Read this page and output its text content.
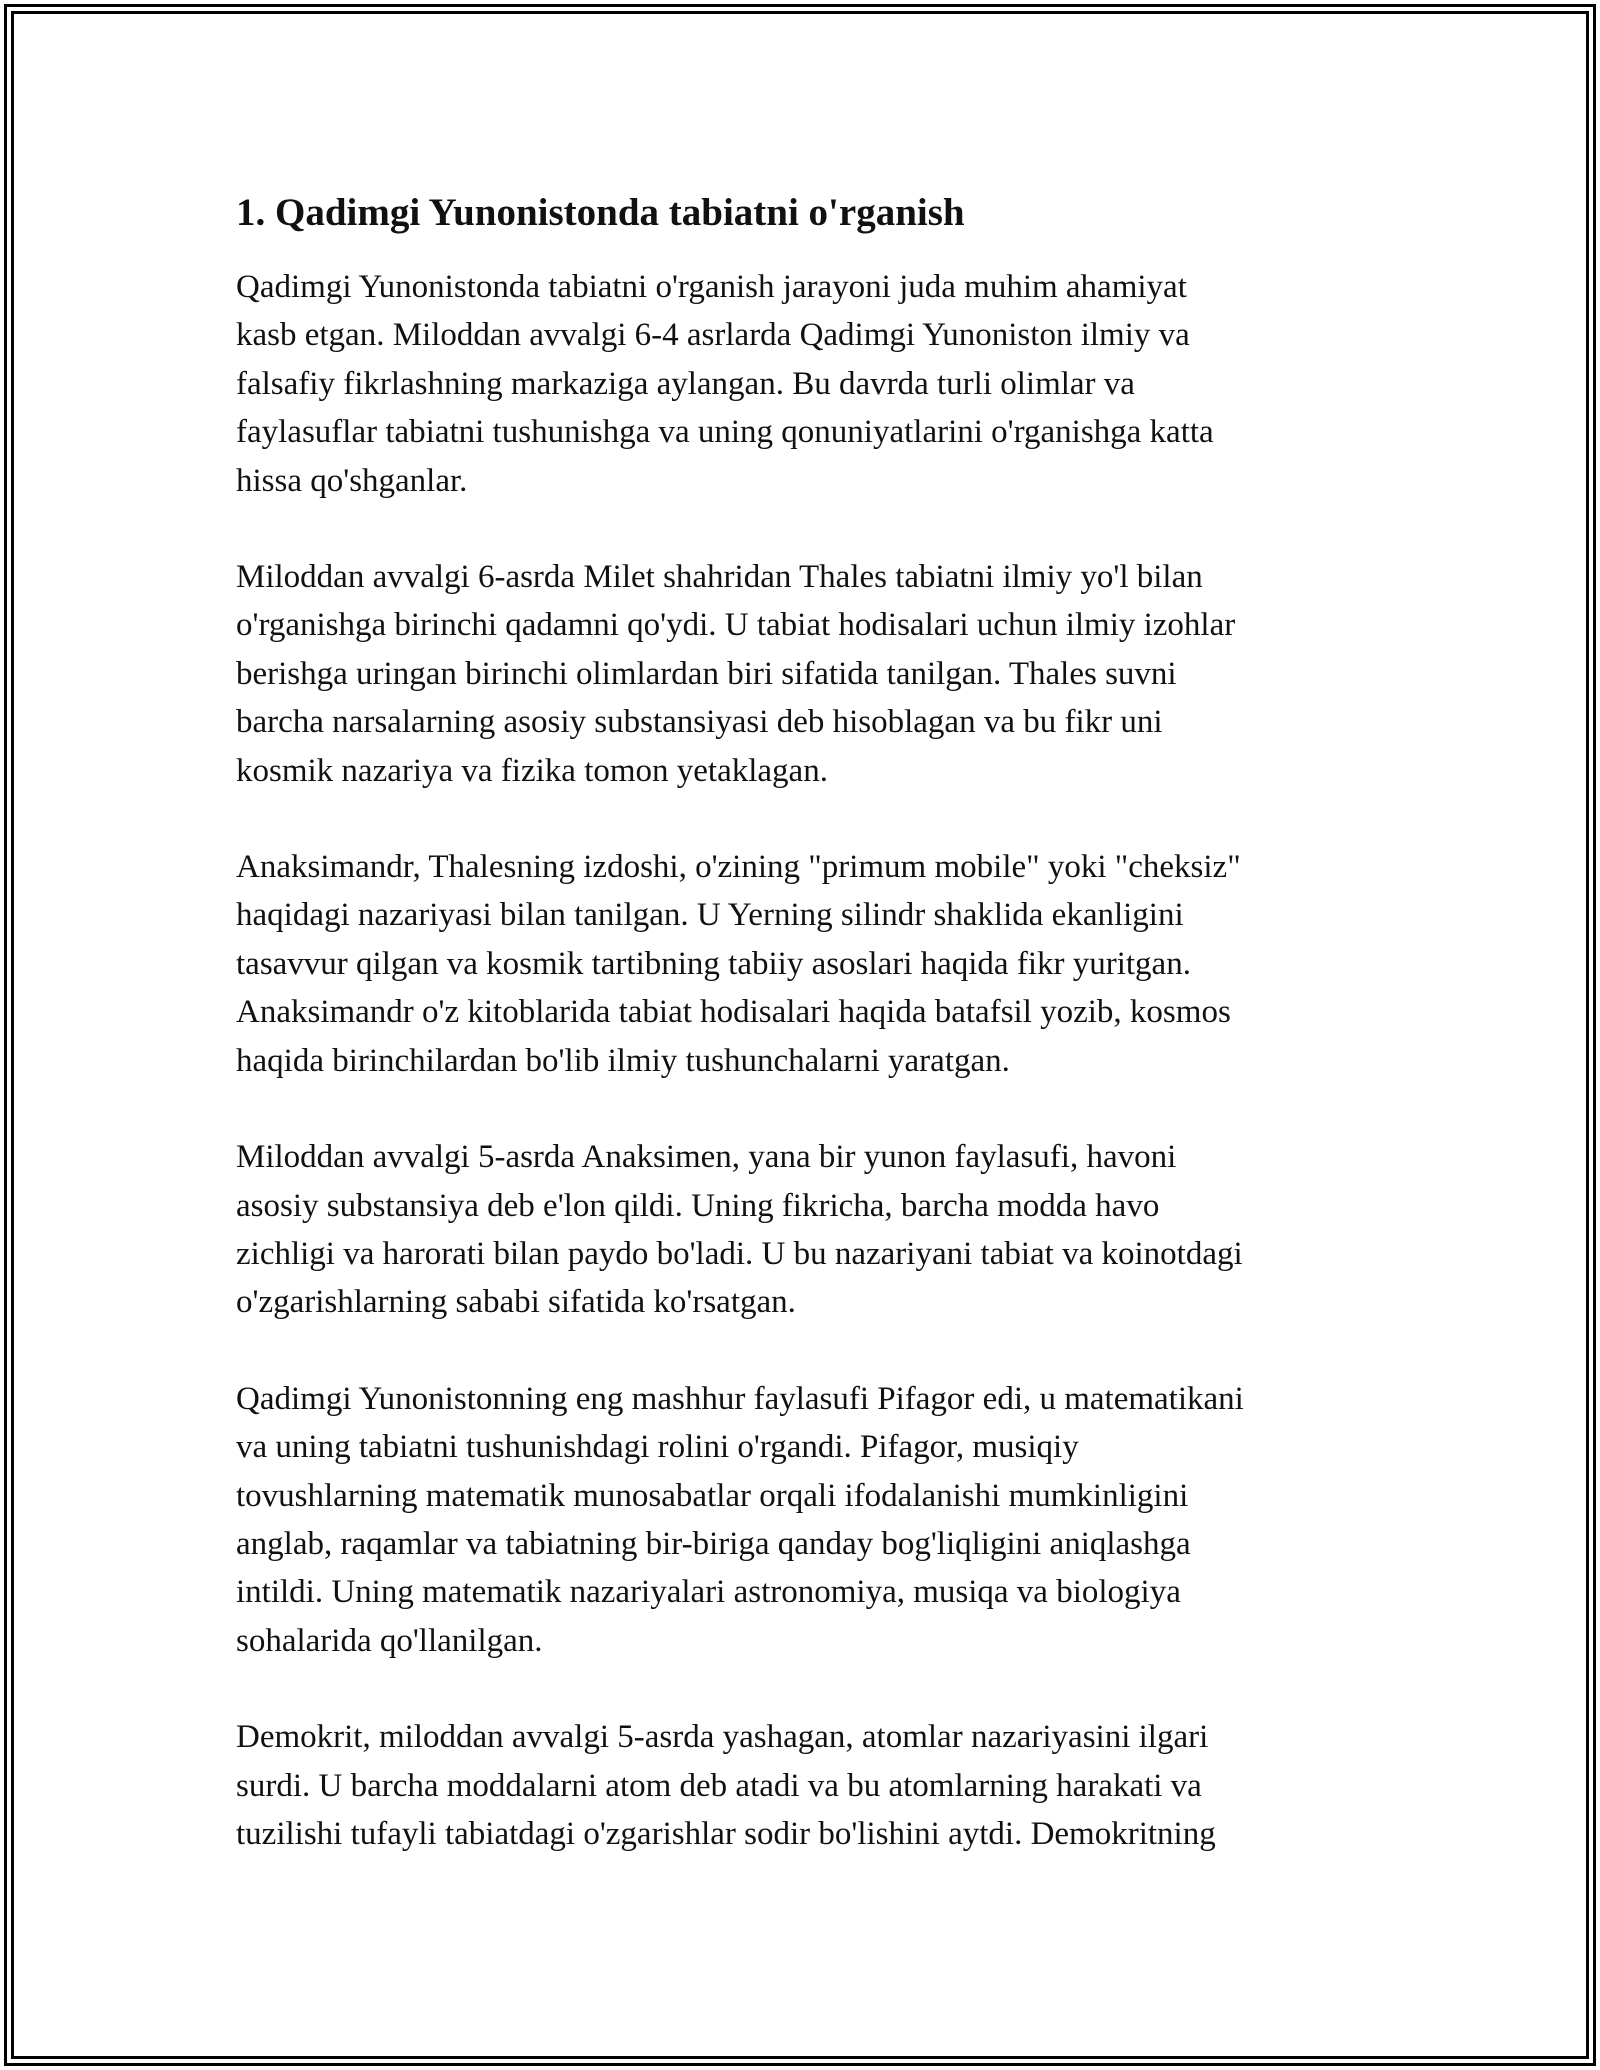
1. Qadimgi Yunonistonda tabiatni o'rganish

Qadimgi Yunonistonda tabiatni o'rganish jarayoni juda muhim ahamiyat
kasb etgan. Miloddan avvalgi 6-4 asrlarda Qadimgi Yunoniston ilmiy va
falsafiy fikrlashning markaziga aylangan. Bu davrda turli olimlar va
faylasuflar tabiatni tushunishga va uning qonuniyatlarini o'rganishga katta
hissa qo'shganlar.

Miloddan avvalgi 6-asrda Milet shahridan Thales tabiatni ilmiy yo'l bilan
o'rganishga birinchi qadamni qo'ydi. U tabiat hodisalari uchun ilmiy izohlar
berishga uringan birinchi olimlardan biri sifatida tanilgan. Thales suvni
barcha narsalarning asosiy substansiyasi deb hisoblagan va bu fikr uni
kosmik nazariya va fizika tomon yetaklagan.

Anaksimandr, Thalesning izdoshi, o'zining "primum mobile" yoki "cheksiz"
haqidagi nazariyasi bilan tanilgan. U Yerning silindr shaklida ekanligini
tasavvur qilgan va kosmik tartibning tabiiy asoslari haqida fikr yuritgan.
Anaksimandr o'z kitoblarida tabiat hodisalari haqida batafsil yozib, kosmos
haqida birinchilardan bo'lib ilmiy tushunchalarni yaratgan.

Miloddan avvalgi 5-asrda Anaksimen, yana bir yunon faylasufi, havoni
asosiy substansiya deb e'lon qildi. Uning fikricha, barcha modda havo
zichligi va harorati bilan paydo bo'ladi. U bu nazariyani tabiat va koinotdagi
o'zgarishlarning sababi sifatida ko'rsatgan.

Qadimgi Yunonistonning eng mashhur faylasufi Pifagor edi, u matematikani
va uning tabiatni tushunishdagi rolini o'rgandi. Pifagor, musiqiy
tovushlarning matematik munosabatlar orqali ifodalanishi mumkinligini
anglab, raqamlar va tabiatning bir-biriga qanday bog'liqligini aniqlashga
intildi. Uning matematik nazariyalari astronomiya, musiqa va biologiya
sohalarida qo'llanilgan.

Demokrit, miloddan avvalgi 5-asrda yashagan, atomlar nazariyasini ilgari
surdi. U barcha moddalarni atom deb atadi va bu atomlarning harakati va
tuzilishi tufayli tabiatdagi o'zgarishlar sodir bo'lishini aytdi. Demokritning
